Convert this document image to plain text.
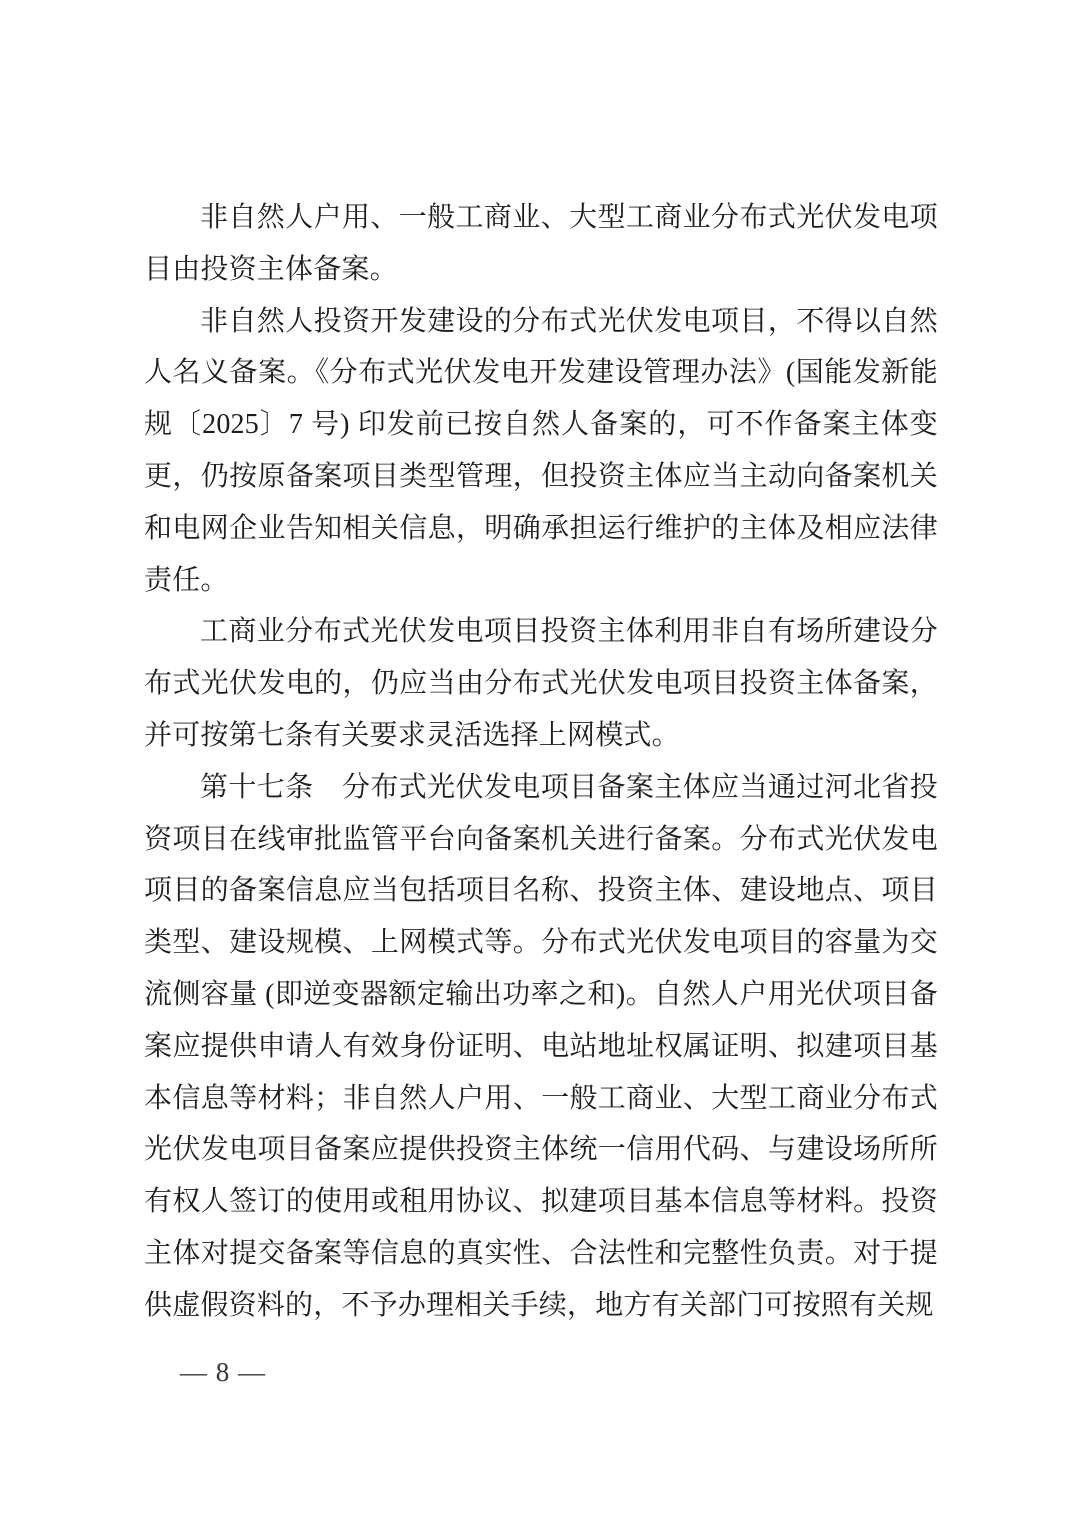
非自然人户用、一般工商业、大型工商业分布式光伏发电项目由投资主体备案。

非自然人投资开发建设的分布式光伏发电项目，不得以自然人名义备案。《分布式光伏发电开发建设管理办法》(国能发新能规〔2025〕7 号) 印发前已按自然人备案的，可不作备案主体变更，仍按原备案项目类型管理，但投资主体应当主动向备案机关和电网企业告知相关信息，明确承担运行维护的主体及相应法律责任。

工商业分布式光伏发电项目投资主体利用非自有场所建设分布式光伏发电的，仍应当由分布式光伏发电项目投资主体备案，并可按第七条有关要求灵活选择上网模式。

第十七条　分布式光伏发电项目备案主体应当通过河北省投资项目在线审批监管平台向备案机关进行备案。分布式光伏发电项目的备案信息应当包括项目名称、投资主体、建设地点、项目类型、建设规模、上网模式等。分布式光伏发电项目的容量为交流侧容量 (即逆变器额定输出功率之和)。自然人户用光伏项目备案应提供申请人有效身份证明、电站地址权属证明、拟建项目基本信息等材料；非自然人户用、一般工商业、大型工商业分布式光伏发电项目备案应提供投资主体统一信用代码、与建设场所所有权人签订的使用或租用协议、拟建项目基本信息等材料。投资主体对提交备案等信息的真实性、合法性和完整性负责。对于提供虚假资料的，不予办理相关手续，地方有关部门可按照有关规

— 8 —
